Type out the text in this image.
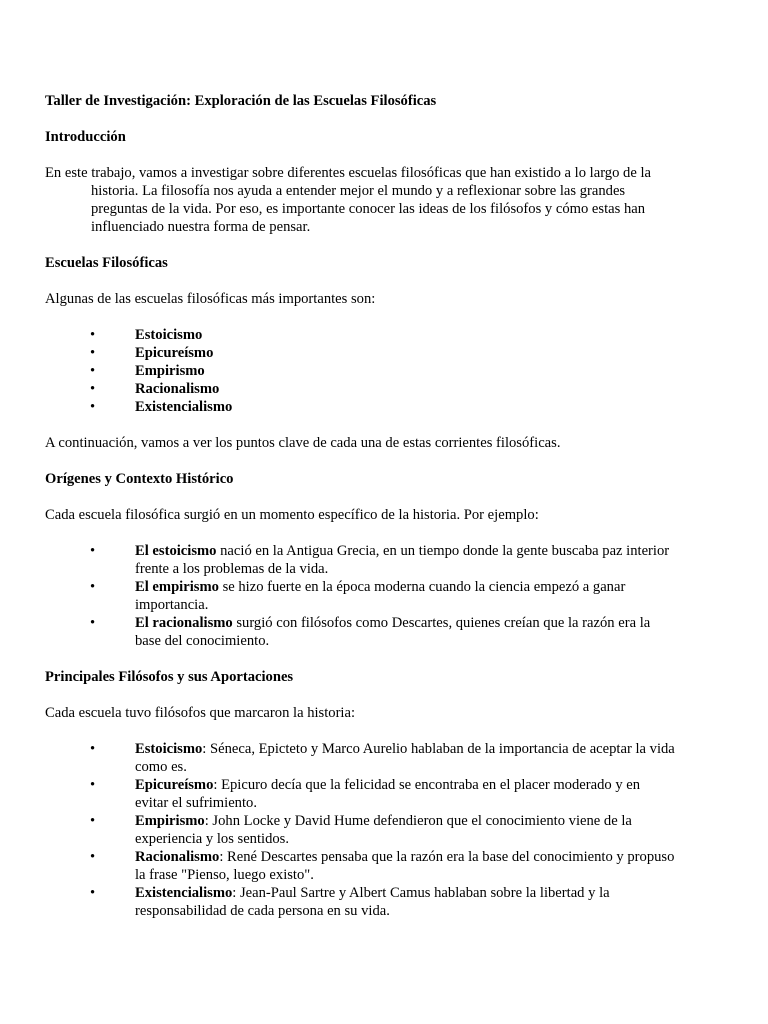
Taller de Investigación: Exploración de las Escuelas Filosóficas
Introducción
En este trabajo, vamos a investigar sobre diferentes escuelas filosóficas que han existido a lo largo de la historia. La filosofía nos ayuda a entender mejor el mundo y a reflexionar sobre las grandes preguntas de la vida. Por eso, es importante conocer las ideas de los filósofos y cómo estas han influenciado nuestra forma de pensar.
Escuelas Filosóficas
Algunas de las escuelas filosóficas más importantes son:
•	Estoicismo
•	Epicureísmo
•	Empirismo
•	Racionalismo
•	Existencialismo
A continuación, vamos a ver los puntos clave de cada una de estas corrientes filosóficas.
Orígenes y Contexto Histórico
Cada escuela filosófica surgió en un momento específico de la historia. Por ejemplo:
•	El estoicismo nació en la Antigua Grecia, en un tiempo donde la gente buscaba paz interior frente a los problemas de la vida.
•	El empirismo se hizo fuerte en la época moderna cuando la ciencia empezó a ganar importancia.
•	El racionalismo surgió con filósofos como Descartes, quienes creían que la razón era la base del conocimiento.
Principales Filósofos y sus Aportaciones
Cada escuela tuvo filósofos que marcaron la historia:
•	Estoicismo: Séneca, Epicteto y Marco Aurelio hablaban de la importancia de aceptar la vida como es.
•	Epicureísmo: Epicuro decía que la felicidad se encontraba en el placer moderado y en evitar el sufrimiento.
•	Empirismo: John Locke y David Hume defendieron que el conocimiento viene de la experiencia y los sentidos.
•	Racionalismo: René Descartes pensaba que la razón era la base del conocimiento y propuso la frase "Pienso, luego existo".
•	Existencialismo: Jean-Paul Sartre y Albert Camus hablaban sobre la libertad y la responsabilidad de cada persona en su vida.
